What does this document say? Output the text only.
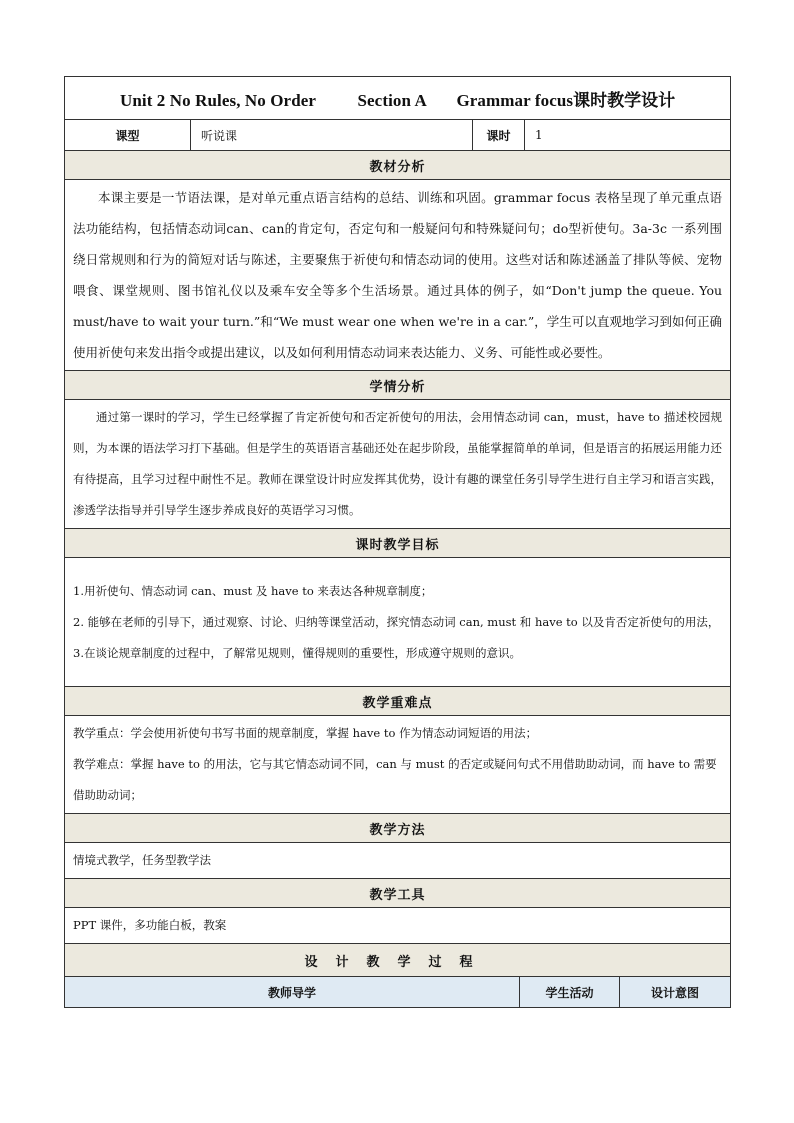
Unit 2 No Rules, No Order Section A Grammar focus课时教学设计
课型	听说课	课时	1
教材分析
本课主要是一节语法课，是对单元重点语言结构的总结、训练和巩固。grammar focus 表格呈现了单元重点语法功能结构，包括情态动词can、can的肯定句，否定句和一般疑问句和特殊疑问句；do型祈使句。3a-3c 一系列围绕日常规则和行为的简短对话与陈述，主要聚焦于祈使句和情态动词的使用。这些对话和陈述涵盖了排队等候、宠物喂食、课堂规则、图书馆礼仪以及乘车安全等多个生活场景。通过具体的例子，如“Don't jump the queue. You must/have to wait your turn.”和“We must wear one when we're in a car.”，学生可以直观地学习到如何正确使用祈使句来发出指令或提出建议，以及如何利用情态动词来表达能力、义务、可能性或必要性。
学情分析
通过第一课时的学习，学生已经掌握了肯定祈使句和否定祈使句的用法，会用情态动词 can，must，have to 描述校园规则，为本课的语法学习打下基础。但是学生的英语语言基础还处在起步阶段，虽能掌握简单的单词，但是语言的拓展运用能力还有待提高，且学习过程中耐性不足。教师在课堂设计时应发挥其优势，设计有趣的课堂任务引导学生进行自主学习和语言实践，渗透学法指导并引导学生逐步养成良好的英语学习习惯。
课时教学目标

1.用祈使句、情态动词 can、must 及 have to 来表达各种规章制度；

2. 能够在老师的引导下，通过观察、讨论、归纳等课堂活动，探究情态动词 can, must 和 have to 以及肯否定祈使句的用法，

3.在谈论规章制度的过程中，了解常见规则，懂得规则的重要性，形成遵守规则的意识。

教学重难点

教学重点：学会使用祈使句书写书面的规章制度，掌握 have to 作为情态动词短语的用法；

教学难点：掌握 have to 的用法，它与其它情态动词不同，can 与 must 的否定或疑问句式不用借助助动词，而 have to 需要借助助动词；

教学方法
情境式教学，任务型教学法
教学工具
PPT 课件，多功能白板，教案
设计教学过程
教师导学	学生活动	设计意图
